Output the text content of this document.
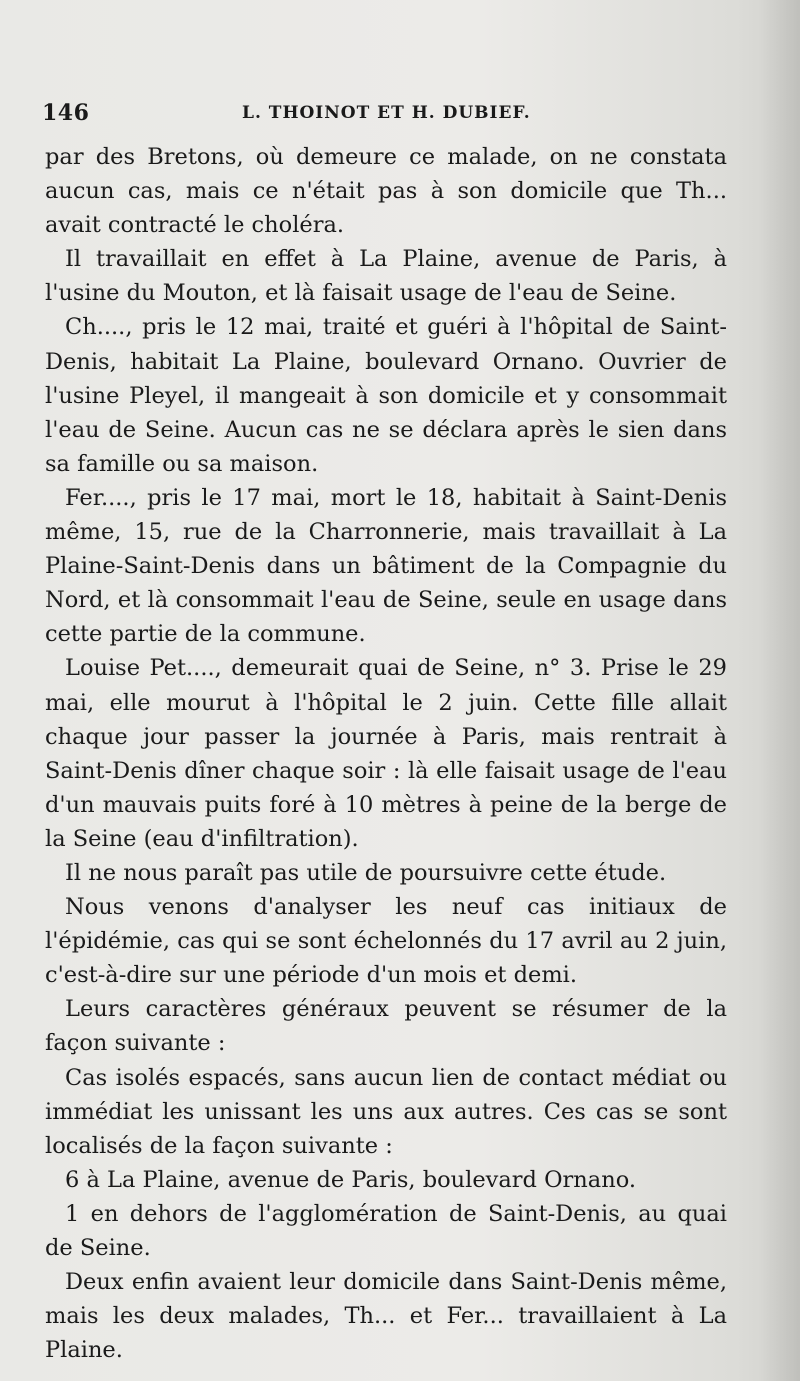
146	L. THOINOT ET H. DUBIEF.

par des Bretons, où demeure ce malade, on ne constata aucun cas, mais ce n'était pas à son domicile que Th... avait contracté le choléra.

Il travaillait en effet à La Plaine, avenue de Paris, à l'usine du Mouton, et là faisait usage de l'eau de Seine.

Ch...., pris le 12 mai, traité et guéri à l'hôpital de Saint-Denis, habitait La Plaine, boulevard Ornano. Ouvrier de l'usine Pleyel, il mangeait à son domicile et y consommait l'eau de Seine. Aucun cas ne se déclara après le sien dans sa famille ou sa maison.

Fer...., pris le 17 mai, mort le 18, habitait à Saint-Denis même, 15, rue de la Charronnerie, mais travaillait à La Plaine-Saint-Denis dans un bâtiment de la Compagnie du Nord, et là consommait l'eau de Seine, seule en usage dans cette partie de la commune.

Louise Pet...., demeurait quai de Seine, n° 3. Prise le 29 mai, elle mourut à l'hôpital le 2 juin. Cette fille allait chaque jour passer la journée à Paris, mais rentrait à Saint-Denis dîner chaque soir : là elle faisait usage de l'eau d'un mauvais puits foré à 10 mètres à peine de la berge de la Seine (eau d'infiltration).

Il ne nous paraît pas utile de poursuivre cette étude.

Nous venons d'analyser les neuf cas initiaux de l'épidémie, cas qui se sont échelonnés du 17 avril au 2 juin, c'est-à-dire sur une période d'un mois et demi.

Leurs caractères généraux peuvent se résumer de la façon suivante :

Cas isolés espacés, sans aucun lien de contact médiat ou immédiat les unissant les uns aux autres. Ces cas se sont localisés de la façon suivante :

6 à La Plaine, avenue de Paris, boulevard Ornano.

1 en dehors de l'agglomération de Saint-Denis, au quai de Seine.

Deux enfin avaient leur domicile dans Saint-Denis même, mais les deux malades, Th... et Fer... travaillaient à La Plaine.
